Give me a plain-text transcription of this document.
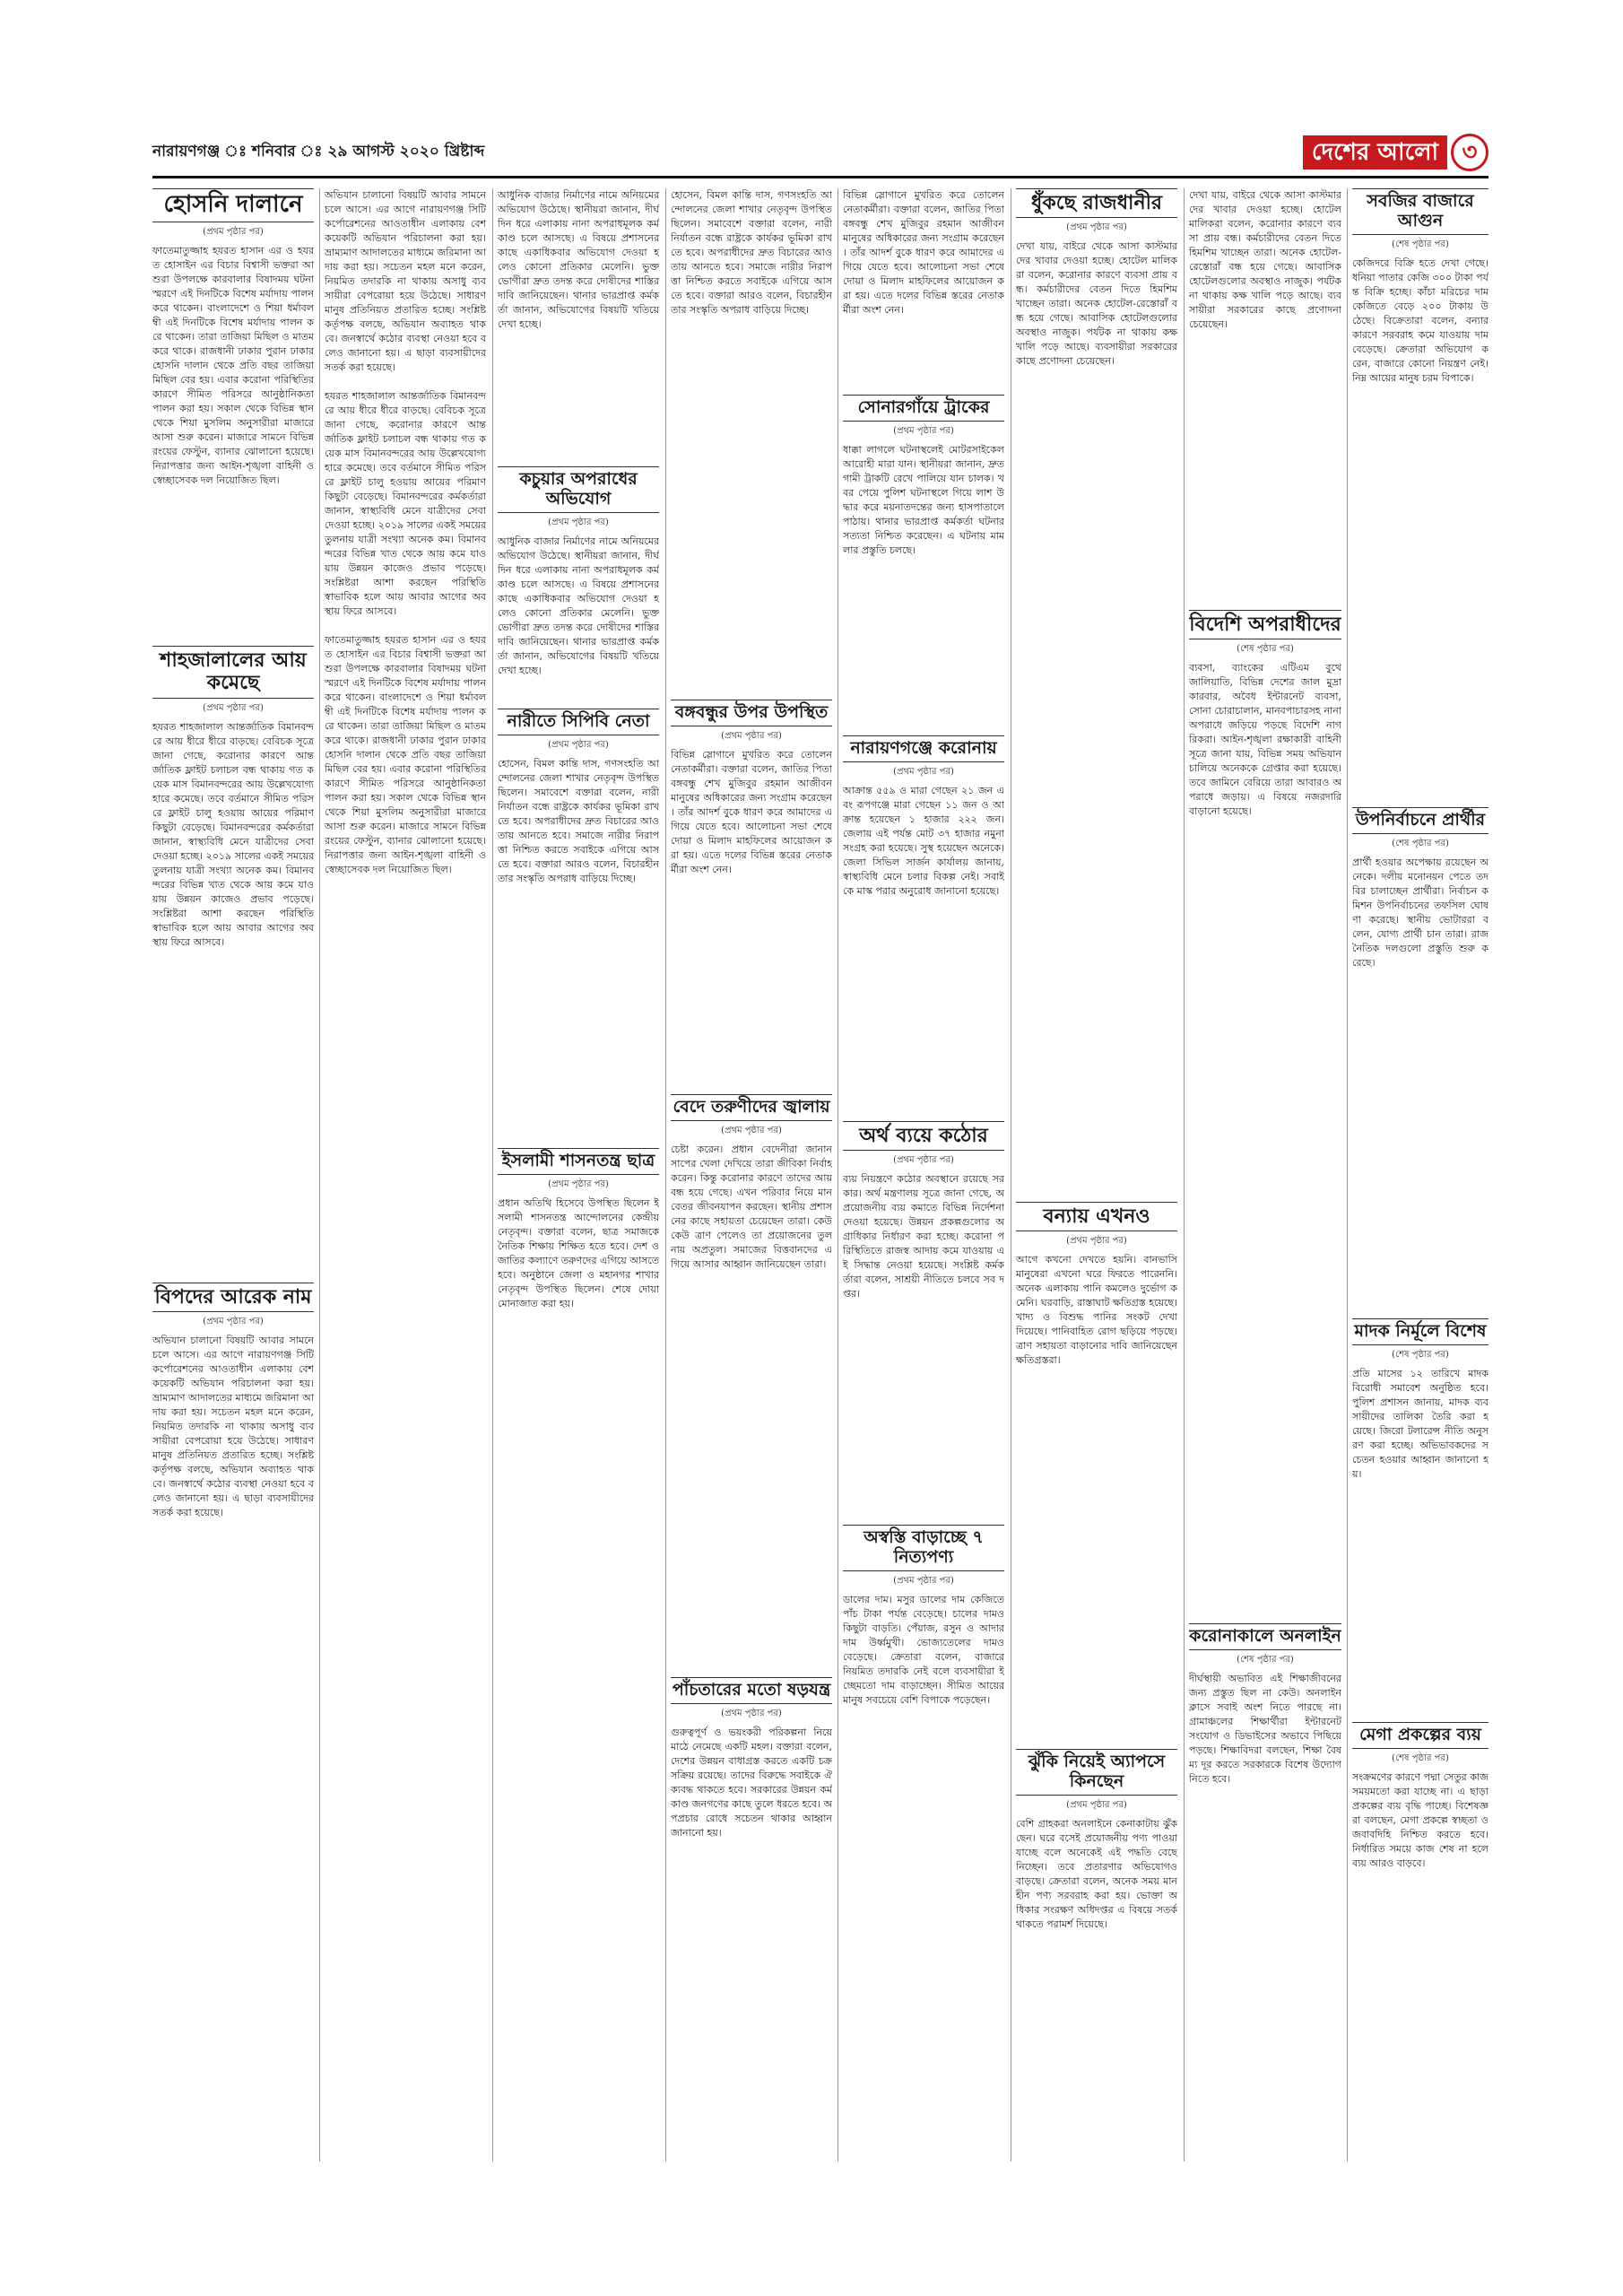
নারায়ণগঞ্জ ঃ শনিবার ঃ ২৯ আগস্ট ২০২০ খ্রিষ্টাব্দ	দেশের আলো	৩
হোসনি দালানে
(প্রথম পৃষ্ঠার পর)
ফাতেমাতুজ্জাহ হযরত হাসান এর ও হযরত হোসাইন এর বিচার বিশ্বাসী ভক্তরা আশুরা উপলক্ষে কারবালার বিষাদময় ঘটনা স্মরণে এই দিনটিকে বিশেষ মর্যাদায় পালন করে থাকেন। বাংলাদেশে ও শিয়া ধর্মাবলম্বী এই দিনটিকে বিশেষ মর্যাদায় পালন করে থাকেন। তারা তাজিয়া মিছিল ও মাতম করে থাকে। রাজধানী ঢাকার পুরান ঢাকার হোসনি দালান থেকে প্রতি বছর তাজিয়া মিছিল বের হয়। এবার করোনা পরিস্থিতির কারণে সীমিত পরিসরে আনুষ্ঠানিকতা পালন করা হয়। সকাল থেকে বিভিন্ন স্থান থেকে শিয়া মুসলিম অনুসারীরা মাজারে আসা শুরু করেন। মাজারে সামনে বিভিন্ন রংয়ের ফেস্টুন, ব্যানার ঝোলানো হয়েছে। নিরাপত্তার জন্য আইন-শৃঙ্খলা বাহিনী ও স্বেচ্ছাসেবক দল নিয়োজিত ছিল।
শাহজালালের আয় কমেছে
(প্রথম পৃষ্ঠার পর)
হযরত শাহজালাল আন্তর্জাতিক বিমানবন্দরে আয় ধীরে ধীরে বাড়ছে। বেবিচক সূত্রে জানা গেছে, করোনার কারণে আন্তর্জাতিক ফ্লাইট চলাচল বন্ধ থাকায় গত কয়েক মাস বিমানবন্দরের আয় উল্লেখযোগ্য হারে কমেছে। তবে বর্তমানে সীমিত পরিসরে ফ্লাইট চালু হওয়ায় আয়ের পরিমাণ কিছুটা বেড়েছে। বিমানবন্দরের কর্মকর্তারা জানান, স্বাস্থ্যবিধি মেনে যাত্রীদের সেবা দেওয়া হচ্ছে। ২০১৯ সালের একই সময়ের তুলনায় যাত্রী সংখ্যা অনেক কম। বিমানবন্দরের বিভিন্ন খাত থেকে আয় কমে যাওয়ায় উন্নয়ন কাজেও প্রভাব পড়েছে। সংশ্লিষ্টরা আশা করছেন পরিস্থিতি স্বাভাবিক হলে আয় আবার আগের অবস্থায় ফিরে আসবে।
বিপদের আরেক নাম
(প্রথম পৃষ্ঠার পর)
অভিযান চালানো বিষয়টি আবার সামনে চলে আসে। এর আগে নারায়ণগঞ্জ সিটি কর্পোরেশনের আওতাধীন এলাকায় বেশ কয়েকটি অভিযান পরিচালনা করা হয়। ভ্রাম্যমাণ আদালতের মাধ্যমে জরিমানা আদায় করা হয়। সচেতন মহল মনে করেন, নিয়মিত তদারকি না থাকায় অসাধু ব্যবসায়ীরা বেপরোয়া হয়ে উঠেছে। সাধারণ মানুষ প্রতিনিয়ত প্রতারিত হচ্ছে। সংশ্লিষ্ট কর্তৃপক্ষ বলছে, অভিযান অব্যাহত থাকবে। জনস্বার্থে কঠোর ব্যবস্থা নেওয়া হবে বলেও জানানো হয়। এ ছাড়া ব্যবসায়ীদের সতর্ক করা হয়েছে।
অভিযান চালানো বিষয়টি আবার সামনে চলে আসে। এর আগে নারায়ণগঞ্জ সিটি কর্পোরেশনের আওতাধীন এলাকায় বেশ কয়েকটি অভিযান পরিচালনা করা হয়। ভ্রাম্যমাণ আদালতের মাধ্যমে জরিমানা আদায় করা হয়। সচেতন মহল মনে করেন, নিয়মিত তদারকি না থাকায় অসাধু ব্যবসায়ীরা বেপরোয়া হয়ে উঠেছে। সাধারণ মানুষ প্রতিনিয়ত প্রতারিত হচ্ছে। সংশ্লিষ্ট কর্তৃপক্ষ বলছে, অভিযান অব্যাহত থাকবে। জনস্বার্থে কঠোর ব্যবস্থা নেওয়া হবে বলেও জানানো হয়। এ ছাড়া ব্যবসায়ীদের সতর্ক করা হয়েছে।
হযরত শাহজালাল আন্তর্জাতিক বিমানবন্দরে আয় ধীরে ধীরে বাড়ছে। বেবিচক সূত্রে জানা গেছে, করোনার কারণে আন্তর্জাতিক ফ্লাইট চলাচল বন্ধ থাকায় গত কয়েক মাস বিমানবন্দরের আয় উল্লেখযোগ্য হারে কমেছে। তবে বর্তমানে সীমিত পরিসরে ফ্লাইট চালু হওয়ায় আয়ের পরিমাণ কিছুটা বেড়েছে। বিমানবন্দরের কর্মকর্তারা জানান, স্বাস্থ্যবিধি মেনে যাত্রীদের সেবা দেওয়া হচ্ছে। ২০১৯ সালের একই সময়ের তুলনায় যাত্রী সংখ্যা অনেক কম। বিমানবন্দরের বিভিন্ন খাত থেকে আয় কমে যাওয়ায় উন্নয়ন কাজেও প্রভাব পড়েছে। সংশ্লিষ্টরা আশা করছেন পরিস্থিতি স্বাভাবিক হলে আয় আবার আগের অবস্থায় ফিরে আসবে।
ফাতেমাতুজ্জাহ হযরত হাসান এর ও হযরত হোসাইন এর বিচার বিশ্বাসী ভক্তরা আশুরা উপলক্ষে কারবালার বিষাদময় ঘটনা স্মরণে এই দিনটিকে বিশেষ মর্যাদায় পালন করে থাকেন। বাংলাদেশে ও শিয়া ধর্মাবলম্বী এই দিনটিকে বিশেষ মর্যাদায় পালন করে থাকেন। তারা তাজিয়া মিছিল ও মাতম করে থাকে। রাজধানী ঢাকার পুরান ঢাকার হোসনি দালান থেকে প্রতি বছর তাজিয়া মিছিল বের হয়। এবার করোনা পরিস্থিতির কারণে সীমিত পরিসরে আনুষ্ঠানিকতা পালন করা হয়। সকাল থেকে বিভিন্ন স্থান থেকে শিয়া মুসলিম অনুসারীরা মাজারে আসা শুরু করেন। মাজারে সামনে বিভিন্ন রংয়ের ফেস্টুন, ব্যানার ঝোলানো হয়েছে। নিরাপত্তার জন্য আইন-শৃঙ্খলা বাহিনী ও স্বেচ্ছাসেবক দল নিয়োজিত ছিল।
আধুনিক বাজার নির্মাণের নামে অনিয়মের অভিযোগ উঠেছে। স্থানীয়রা জানান, দীর্ঘদিন ধরে এলাকায় নানা অপরাধমূলক কর্মকাণ্ড চলে আসছে। এ বিষয়ে প্রশাসনের কাছে একাধিকবার অভিযোগ দেওয়া হলেও কোনো প্রতিকার মেলেনি। ভুক্তভোগীরা দ্রুত তদন্ত করে দোষীদের শাস্তির দাবি জানিয়েছেন। থানার ভারপ্রাপ্ত কর্মকর্তা জানান, অভিযোগের বিষয়টি খতিয়ে দেখা হচ্ছে।
কচুয়ার অপরাধের অভিযোগ
(প্রথম পৃষ্ঠার পর)
আধুনিক বাজার নির্মাণের নামে অনিয়মের অভিযোগ উঠেছে। স্থানীয়রা জানান, দীর্ঘদিন ধরে এলাকায় নানা অপরাধমূলক কর্মকাণ্ড চলে আসছে। এ বিষয়ে প্রশাসনের কাছে একাধিকবার অভিযোগ দেওয়া হলেও কোনো প্রতিকার মেলেনি। ভুক্তভোগীরা দ্রুত তদন্ত করে দোষীদের শাস্তির দাবি জানিয়েছেন। থানার ভারপ্রাপ্ত কর্মকর্তা জানান, অভিযোগের বিষয়টি খতিয়ে দেখা হচ্ছে।
নারীতে সিপিবি নেতা
(প্রথম পৃষ্ঠার পর)
হোসেন, বিমল কান্তি দাস, গণসংহতি আন্দোলনের জেলা শাখার নেতৃবৃন্দ উপস্থিত ছিলেন। সমাবেশে বক্তারা বলেন, নারী নির্যাতন বন্ধে রাষ্ট্রকে কার্যকর ভূমিকা রাখতে হবে। অপরাধীদের দ্রুত বিচারের আওতায় আনতে হবে। সমাজে নারীর নিরাপত্তা নিশ্চিত করতে সবাইকে এগিয়ে আসতে হবে। বক্তারা আরও বলেন, বিচারহীনতার সংস্কৃতি অপরাধ বাড়িয়ে দিচ্ছে।
ইসলামী শাসনতন্ত্র ছাত্র
(প্রথম পৃষ্ঠার পর)
প্রধান অতিথি হিসেবে উপস্থিত ছিলেন ইসলামী শাসনতন্ত্র আন্দোলনের কেন্দ্রীয় নেতৃবৃন্দ। বক্তারা বলেন, ছাত্র সমাজকে নৈতিক শিক্ষায় শিক্ষিত হতে হবে। দেশ ও জাতির কল্যাণে তরুণদের এগিয়ে আসতে হবে। অনুষ্ঠানে জেলা ও মহানগর শাখার নেতৃবৃন্দ উপস্থিত ছিলেন। শেষে দোয়া মোনাজাত করা হয়।
হোসেন, বিমল কান্তি দাস, গণসংহতি আন্দোলনের জেলা শাখার নেতৃবৃন্দ উপস্থিত ছিলেন। সমাবেশে বক্তারা বলেন, নারী নির্যাতন বন্ধে রাষ্ট্রকে কার্যকর ভূমিকা রাখতে হবে। অপরাধীদের দ্রুত বিচারের আওতায় আনতে হবে। সমাজে নারীর নিরাপত্তা নিশ্চিত করতে সবাইকে এগিয়ে আসতে হবে। বক্তারা আরও বলেন, বিচারহীনতার সংস্কৃতি অপরাধ বাড়িয়ে দিচ্ছে।
বঙ্গবন্ধুর উপর উপস্থিত
(প্রথম পৃষ্ঠার পর)
বিভিন্ন স্লোগানে মুখরিত করে তোলেন নেতাকর্মীরা। বক্তারা বলেন, জাতির পিতা বঙ্গবন্ধু শেখ মুজিবুর রহমান আজীবন মানুষের অধিকারের জন্য সংগ্রাম করেছেন। তাঁর আদর্শ বুকে ধারণ করে আমাদের এগিয়ে যেতে হবে। আলোচনা সভা শেষে দোয়া ও মিলাদ মাহফিলের আয়োজন করা হয়। এতে দলের বিভিন্ন স্তরের নেতাকর্মীরা অংশ নেন।
বেদে তরুণীদের জ্বালায়
(প্রথম পৃষ্ঠার পর)
চেষ্টা করেন। প্রধান বেদেনীরা জানান সাপের খেলা দেখিয়ে তারা জীবিকা নির্বাহ করেন। কিন্তু করোনার কারণে তাদের আয় বন্ধ হয়ে গেছে। এখন পরিবার নিয়ে মানবেতর জীবনযাপন করছেন। স্থানীয় প্রশাসনের কাছে সহায়তা চেয়েছেন তারা। কেউ কেউ ত্রাণ পেলেও তা প্রয়োজনের তুলনায় অপ্রতুল। সমাজের বিত্তবানদের এগিয়ে আসার আহ্বান জানিয়েছেন তারা।
পাঁচতারের মতো ষড়যন্ত্র
(প্রথম পৃষ্ঠার পর)
গুরুত্বপূর্ণ ও ভয়ংকরী পরিকল্পনা নিয়ে মাঠে নেমেছে একটি মহল। বক্তারা বলেন, দেশের উন্নয়ন বাধাগ্রস্ত করতে একটি চক্র সক্রিয় রয়েছে। তাদের বিরুদ্ধে সবাইকে ঐক্যবদ্ধ থাকতে হবে। সরকারের উন্নয়ন কর্মকাণ্ড জনগণের কাছে তুলে ধরতে হবে। অপপ্রচার রোধে সচেতন থাকার আহ্বান জানানো হয়।
বিভিন্ন স্লোগানে মুখরিত করে তোলেন নেতাকর্মীরা। বক্তারা বলেন, জাতির পিতা বঙ্গবন্ধু শেখ মুজিবুর রহমান আজীবন মানুষের অধিকারের জন্য সংগ্রাম করেছেন। তাঁর আদর্শ বুকে ধারণ করে আমাদের এগিয়ে যেতে হবে। আলোচনা সভা শেষে দোয়া ও মিলাদ মাহফিলের আয়োজন করা হয়। এতে দলের বিভিন্ন স্তরের নেতাকর্মীরা অংশ নেন।
সোনারগাঁয়ে ট্রাকের
(প্রথম পৃষ্ঠার পর)
ধাক্কা লাগলে ঘটনাস্থলেই মোটরসাইকেল আরোহী মারা যান। স্থানীয়রা জানান, দ্রুতগামী ট্রাকটি রেখে পালিয়ে যান চালক। খবর পেয়ে পুলিশ ঘটনাস্থলে গিয়ে লাশ উদ্ধার করে ময়নাতদন্তের জন্য হাসপাতালে পাঠায়। থানার ভারপ্রাপ্ত কর্মকর্তা ঘটনার সত্যতা নিশ্চিত করেছেন। এ ঘটনায় মামলার প্রস্তুতি চলছে।
নারায়ণগঞ্জে করোনায়
(প্রথম পৃষ্ঠার পর)
আক্রান্ত ৫৫৯ ও মারা গেছেন ২১ জন এবং রূপগঞ্জে মারা গেছেন ১১ জন ও আক্রান্ত হয়েছেন ১ হাজার ২২২ জন। জেলায় এই পর্যন্ত মোট ৩৭ হাজার নমুনা সংগ্রহ করা হয়েছে। সুস্থ হয়েছেন অনেকে। জেলা সিভিল সার্জন কার্যালয় জানায়, স্বাস্থ্যবিধি মেনে চলার বিকল্প নেই। সবাইকে মাস্ক পরার অনুরোধ জানানো হয়েছে।
অর্থ ব্যয়ে কঠোর
(প্রথম পৃষ্ঠার পর)
ব্যয় নিয়ন্ত্রণে কঠোর অবস্থানে রয়েছে সরকার। অর্থ মন্ত্রণালয় সূত্রে জানা গেছে, অপ্রয়োজনীয় ব্যয় কমাতে বিভিন্ন নির্দেশনা দেওয়া হয়েছে। উন্নয়ন প্রকল্পগুলোর অগ্রাধিকার নির্ধারণ করা হচ্ছে। করোনা পরিস্থিতিতে রাজস্ব আদায় কমে যাওয়ায় এই সিদ্ধান্ত নেওয়া হয়েছে। সংশ্লিষ্ট কর্মকর্তারা বলেন, সাশ্রয়ী নীতিতে চলবে সব দপ্তর।
অস্বস্তি বাড়াচ্ছে ৭ নিত্যপণ্য
(প্রথম পৃষ্ঠার পর)
ডালের দাম। মসুর ডালের দাম কেজিতে পাঁচ টাকা পর্যন্ত বেড়েছে। চালের দামও কিছুটা বাড়তি। পেঁয়াজ, রসুন ও আদার দাম উর্ধ্বমুখী। ভোজ্যতেলের দামও বেড়েছে। ক্রেতারা বলেন, বাজারে নিয়মিত তদারকি নেই বলে ব্যবসায়ীরা ইচ্ছেমতো দাম বাড়াচ্ছেন। সীমিত আয়ের মানুষ সবচেয়ে বেশি বিপাকে পড়েছেন।
ধুঁকছে রাজধানীর
(প্রথম পৃষ্ঠার পর)
দেখা যায়, বাইরে থেকে আসা কাস্টমারদের খাবার দেওয়া হচ্ছে। হোটেল মালিকরা বলেন, করোনার কারণে ব্যবসা প্রায় বন্ধ। কর্মচারীদের বেতন দিতে হিমশিম খাচ্ছেন তারা। অনেক হোটেল-রেস্তোরাঁ বন্ধ হয়ে গেছে। আবাসিক হোটেলগুলোর অবস্থাও নাজুক। পর্যটক না থাকায় কক্ষ খালি পড়ে আছে। ব্যবসায়ীরা সরকারের কাছে প্রণোদনা চেয়েছেন।
বন্যায় এখনও
(প্রথম পৃষ্ঠার পর)
আগে কখনো দেখতে হয়নি। বানভাসি মানুষেরা এখনো ঘরে ফিরতে পারেননি। অনেক এলাকায় পানি কমলেও দুর্ভোগ কমেনি। ঘরবাড়ি, রাস্তাঘাট ক্ষতিগ্রস্ত হয়েছে। খাদ্য ও বিশুদ্ধ পানির সংকট দেখা দিয়েছে। পানিবাহিত রোগ ছড়িয়ে পড়ছে। ত্রাণ সহায়তা বাড়ানোর দাবি জানিয়েছেন ক্ষতিগ্রস্তরা।
ঝুঁকি নিয়েই অ্যাপসে কিনছেন
(প্রথম পৃষ্ঠার পর)
বেশি গ্রাহকরা অনলাইনে কেনাকাটায় ঝুঁকছেন। ঘরে বসেই প্রয়োজনীয় পণ্য পাওয়া যাচ্ছে বলে অনেকেই এই পদ্ধতি বেছে নিচ্ছেন। তবে প্রতারণার অভিযোগও বাড়ছে। ক্রেতারা বলেন, অনেক সময় মানহীন পণ্য সরবরাহ করা হয়। ভোক্তা অধিকার সংরক্ষণ অধিদপ্তর এ বিষয়ে সতর্ক থাকতে পরামর্শ দিয়েছে।
দেখা যায়, বাইরে থেকে আসা কাস্টমারদের খাবার দেওয়া হচ্ছে। হোটেল মালিকরা বলেন, করোনার কারণে ব্যবসা প্রায় বন্ধ। কর্মচারীদের বেতন দিতে হিমশিম খাচ্ছেন তারা। অনেক হোটেল-রেস্তোরাঁ বন্ধ হয়ে গেছে। আবাসিক হোটেলগুলোর অবস্থাও নাজুক। পর্যটক না থাকায় কক্ষ খালি পড়ে আছে। ব্যবসায়ীরা সরকারের কাছে প্রণোদনা চেয়েছেন।
বিদেশি অপরাধীদের
(শেষ পৃষ্ঠার পর)
ব্যবসা, ব্যাংকের এটিএম বুথে জালিয়াতি, বিভিন্ন দেশের জাল মুদ্রা কারবার, অবৈধ ইন্টারনেট ব্যবসা, সোনা চোরাচালান, মানবপাচারসহ নানা অপরাধে জড়িয়ে পড়ছে বিদেশি নাগরিকরা। আইন-শৃঙ্খলা রক্ষাকারী বাহিনী সূত্রে জানা যায়, বিভিন্ন সময় অভিযান চালিয়ে অনেককে গ্রেপ্তার করা হয়েছে। তবে জামিনে বেরিয়ে তারা আবারও অপরাধে জড়ায়। এ বিষয়ে নজরদারি বাড়ানো হয়েছে।
করোনাকালে অনলাইন
(শেষ পৃষ্ঠার পর)
দীর্ঘস্থায়ী অভাবিত এই শিক্ষাজীবনের জন্য প্রস্তুত ছিল না কেউ। অনলাইন ক্লাসে সবাই অংশ নিতে পারছে না। গ্রামাঞ্চলের শিক্ষার্থীরা ইন্টারনেট সংযোগ ও ডিভাইসের অভাবে পিছিয়ে পড়ছে। শিক্ষাবিদরা বলছেন, শিক্ষা বৈষম্য দূর করতে সরকারকে বিশেষ উদ্যোগ নিতে হবে।
সবজির বাজারে আগুন
(শেষ পৃষ্ঠার পর)
কেজিদরে বিক্রি হতে দেখা গেছে। ধনিয়া পাতার কেজি ৩০০ টাকা পর্যন্ত বিক্রি হচ্ছে। কাঁচা মরিচের দাম কেজিতে বেড়ে ২০০ টাকায় উঠেছে। বিক্রেতারা বলেন, বন্যার কারণে সরবরাহ কমে যাওয়ায় দাম বেড়েছে। ক্রেতারা অভিযোগ করেন, বাজারে কোনো নিয়ন্ত্রণ নেই। নিম্ন আয়ের মানুষ চরম বিপাকে।
উপনির্বাচনে প্রার্থীর
(শেষ পৃষ্ঠার পর)
প্রার্থী হওয়ার অপেক্ষায় রয়েছেন অনেকে। দলীয় মনোনয়ন পেতে তদবির চালাচ্ছেন প্রার্থীরা। নির্বাচন কমিশন উপনির্বাচনের তফসিল ঘোষণা করেছে। স্থানীয় ভোটাররা বলেন, যোগ্য প্রার্থী চান তারা। রাজনৈতিক দলগুলো প্রস্তুতি শুরু করেছে।
মাদক নির্মূলে বিশেষ
(শেষ পৃষ্ঠার পর)
প্রতি মাসের ১২ তারিখে মাদকবিরোধী সমাবেশ অনুষ্ঠিত হবে। পুলিশ প্রশাসন জানায়, মাদক ব্যবসায়ীদের তালিকা তৈরি করা হয়েছে। জিরো টলারেন্স নীতি অনুসরণ করা হচ্ছে। অভিভাবকদের সচেতন হওয়ার আহ্বান জানানো হয়।
মেগা প্রকল্পের ব্যয়
(শেষ পৃষ্ঠার পর)
সংক্রমণের কারণে পদ্মা সেতুর কাজ সময়মতো করা যাচ্ছে না। এ ছাড়া প্রকল্পের ব্যয় বৃদ্ধি পাচ্ছে। বিশেষজ্ঞরা বলছেন, মেগা প্রকল্পে স্বচ্ছতা ও জবাবদিহি নিশ্চিত করতে হবে। নির্ধারিত সময়ে কাজ শেষ না হলে ব্যয় আরও বাড়বে।
